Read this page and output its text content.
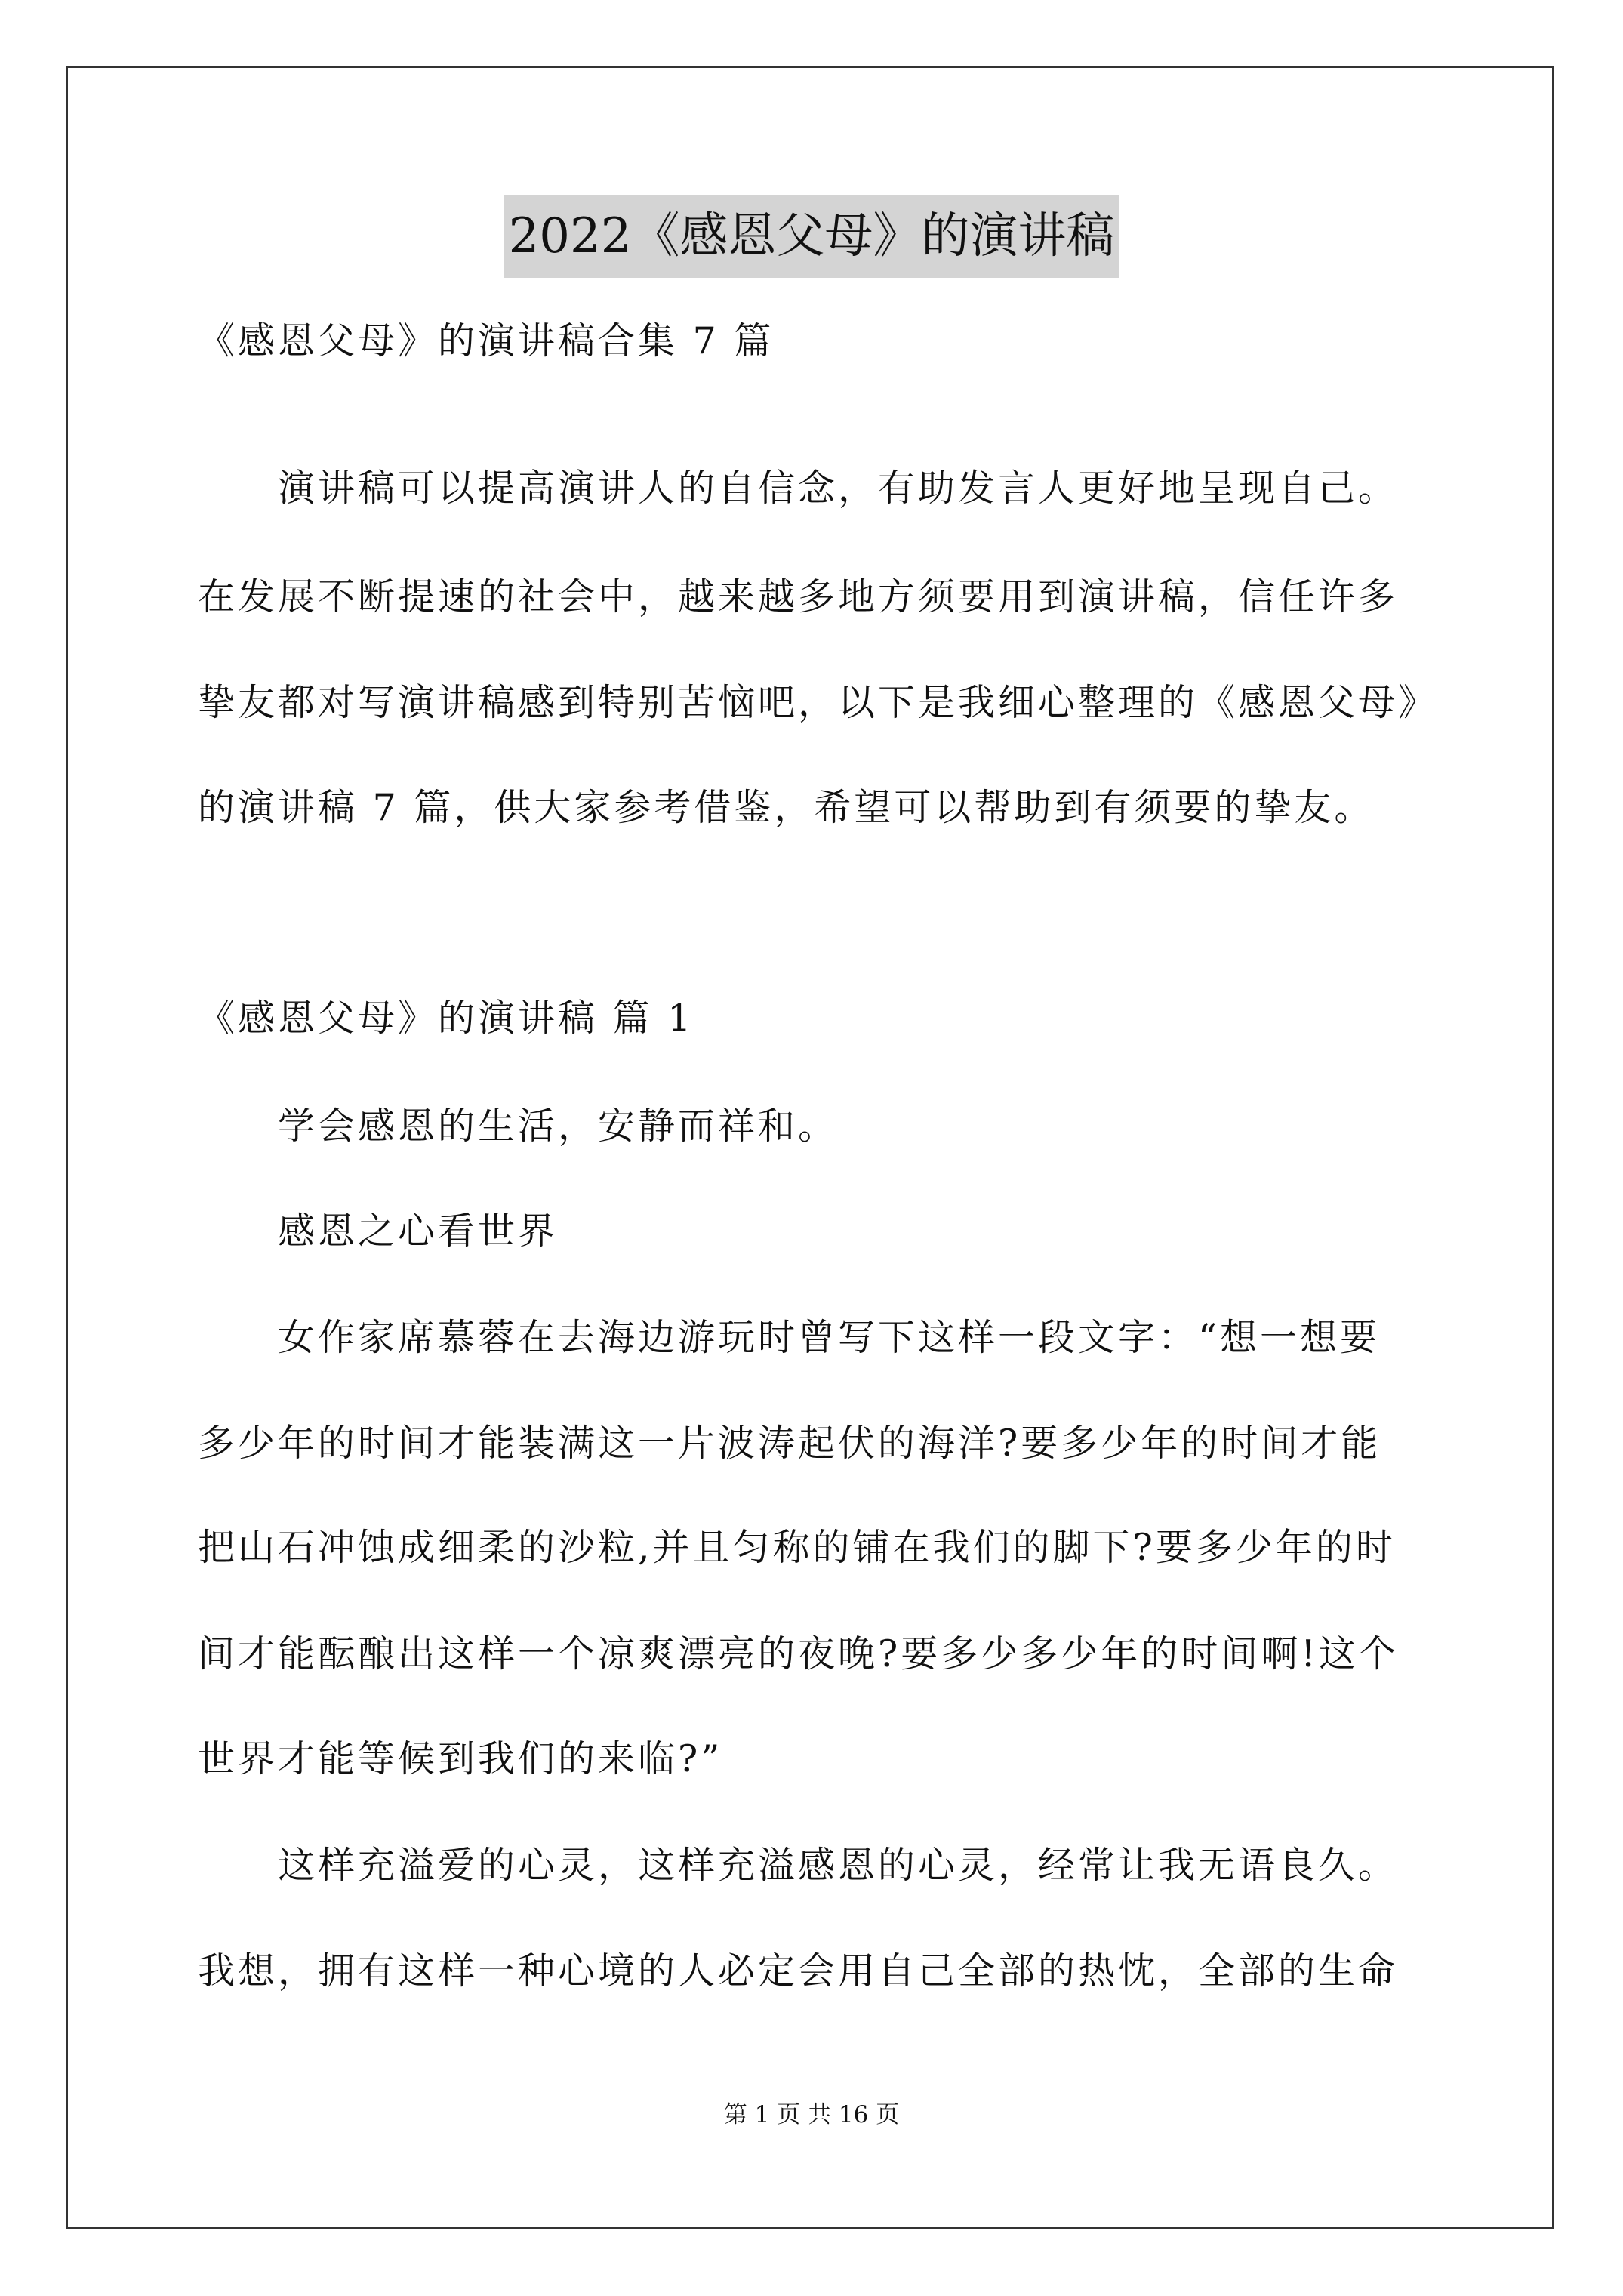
2022《感恩父母》的演讲稿
《感恩父母》的演讲稿合集 7 篇
演讲稿可以提高演讲人的自信念，有助发言人更好地呈现自己。
在发展不断提速的社会中，越来越多地方须要用到演讲稿，信任许多
挚友都对写演讲稿感到特别苦恼吧，以下是我细心整理的《感恩父母》
的演讲稿 7 篇，供大家参考借鉴，希望可以帮助到有须要的挚友。
《感恩父母》的演讲稿 篇 1
学会感恩的生活，安静而祥和。
感恩之心看世界
女作家席慕蓉在去海边游玩时曾写下这样一段文字：“想一想要
多少年的时间才能装满这一片波涛起伏的海洋?要多少年的时间才能
把山石冲蚀成细柔的沙粒,并且匀称的铺在我们的脚下?要多少年的时
间才能酝酿出这样一个凉爽漂亮的夜晚?要多少多少年的时间啊!这个
世界才能等候到我们的来临?”
这样充溢爱的心灵，这样充溢感恩的心灵，经常让我无语良久。
我想，拥有这样一种心境的人必定会用自己全部的热忱，全部的生命
第 1 页 共 16 页
